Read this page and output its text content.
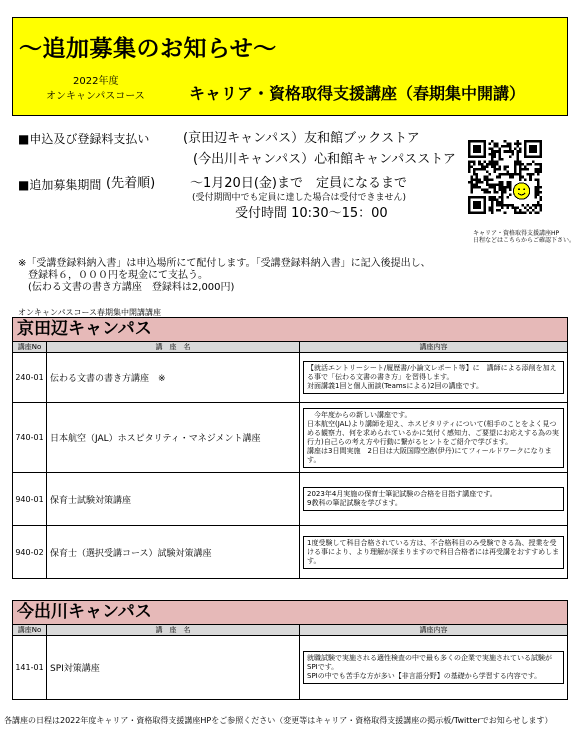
〜追加募集のお知らせ〜
2022年度
オンキャンパスコース	キャリア・資格取得支援講座（春期集中開講）
■申込及び登録料支払い	(京田辺キャンパス）友和館ブックストア
(今出川キャンパス）心和館キャンパスストア
■追加募集期間 (先着順)	〜1月20日(金)まで　定員になるまで
(受付期間中でも定員に達した場合は受付できません)
受付時間 10:30〜15：00
キャリア・資格取得支援講座HP
日程などはこちらからご確認下さい。
※「受講登録料納入書」は申込場所にて配付します。「受講登録料納入書」に記入後提出し、
　登録料６，０００円を現金にて支払う。
　(伝わる文書の書き方講座　登録料は2,000円)
オンキャンパスコース春期集中開講講座
京田辺キャンパス
講座No	講　座　名	講座内容
240-01	伝わる文書の書き方講座　※	【就活エントリーシート/履歴書/小論文レポート等】に　講師による添削を加える事で「伝わる文書の書き方」を習得します。
対面講義1回と個人面談(Teamsによる)2回の講座です。

740-01	日本航空（JAL）ホスピタリティ・マネジメント講座	　今年度からの新しい講座です。
日本航空(JAL)より講師を迎え、ホスピタリティについて(相手のことをよく見つめる観察力、何を求められているかに気付く感知力、ご要望にお応えする為の実行力)自己らの考え方や行動に繋がるヒントをご紹介で学びます。
講座は3日間実施　2日目は大阪国際空港(伊丹)にてフィールドワークになります。

940-01	保育士試験対策講座	2023年4月実施の保育士筆記試験の合格を目指す講座です。
9教科の筆記試験を学びます。

940-02	保育士（選択受講コース）試験対策講座	1度受験して科目合格されている方は、不合格科目のみ受験できる為、授業を受ける事により、より理解が深まりますので科目合格者には再受講をおすすめします。
今出川キャンパス
講座No	講　座　名	講座内容
141-01	SPI対策講座	就職試験で実施される適性検査の中で最も多くの企業で実施されている試験がSPIです。
SPIの中でも苦手な方が多い【非言語分野】の基礎から学習する内容です。
各講座の日程は2022年度キャリア・資格取得支援講座HPをご参照ください（変更等はキャリア・資格取得支援講座の掲示板/Twitterでお知らせします）
